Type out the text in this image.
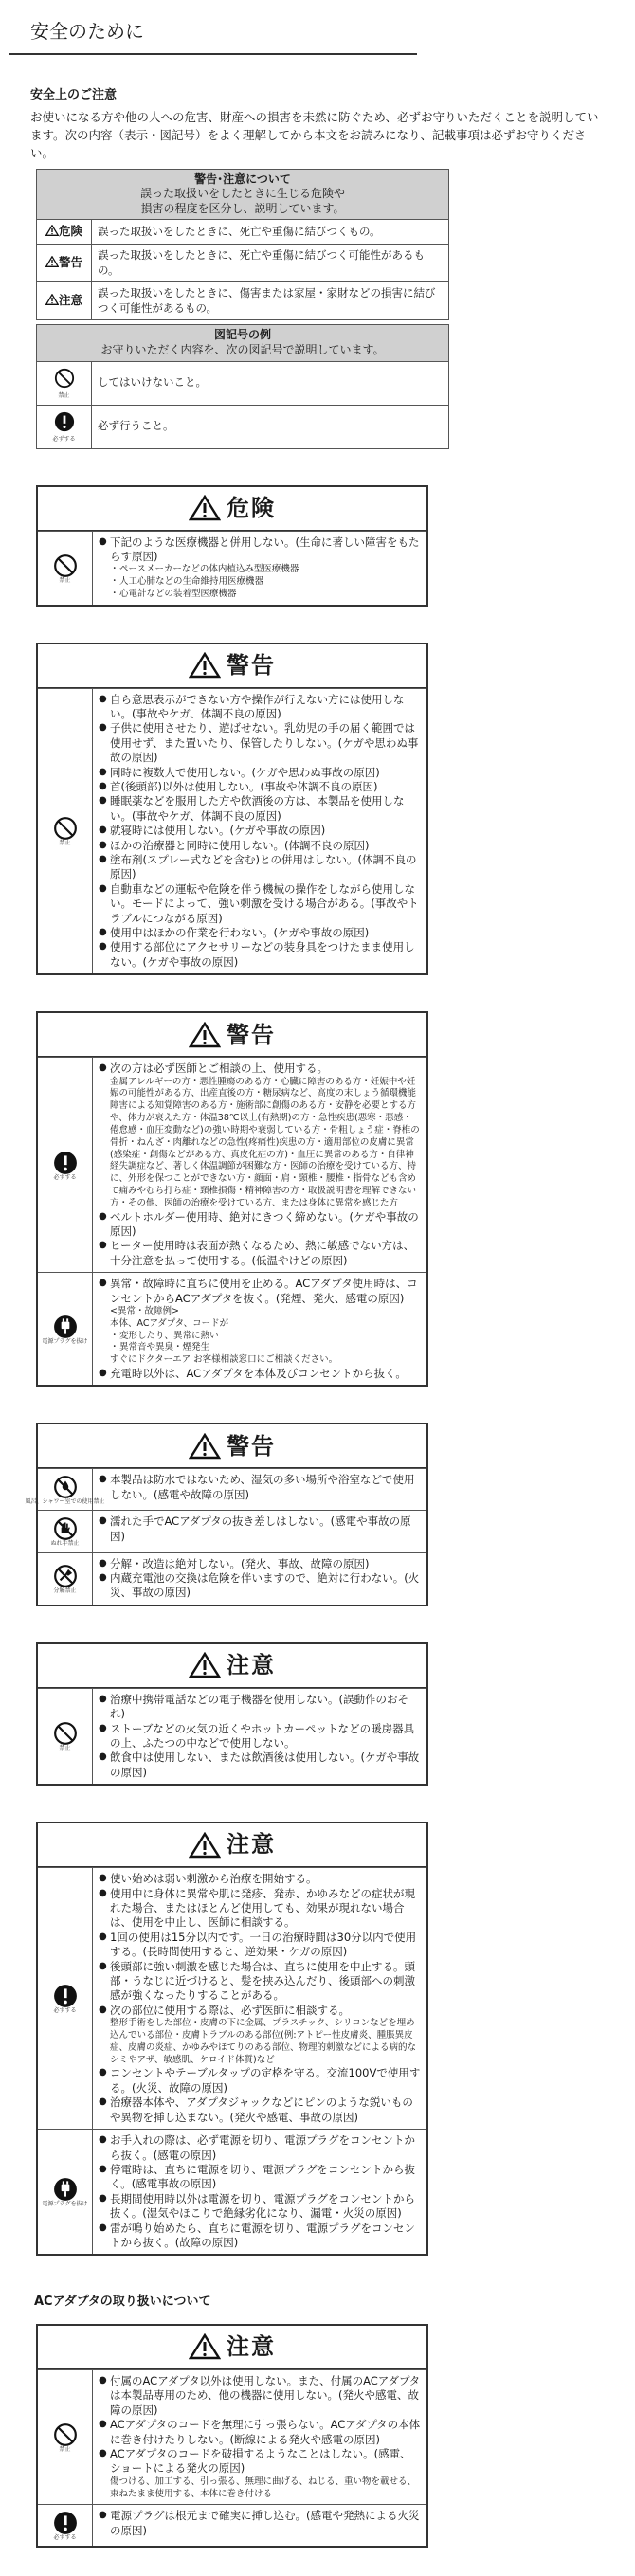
安全のために
安全上のご注意

お使いになる方や他の人への危害、財産への損害を未然に防ぐため、必ずお守りいただくことを説明しています。次の内容（表示・図記号）をよく理解してから本文をお読みになり、記載事項は必ずお守りください。

警告･注意について
誤った取扱いをしたときに生じる危険や
損害の程度を区分し、説明しています。	

危険	誤った取扱いをしたときに、死亡や重傷に結びつくもの。
警告	誤った取扱いをしたときに、死亡や重傷に結びつく可能性があるもの。
注意	誤った取扱いをしたときに、傷害または家屋・家財などの損害に結びつく可能性があるもの。
図記号の例
お守りいただく内容を、次の図記号で説明しています。	

禁止	してはいけないこと。

必ずする	必ず行うこと。
危険
禁止
● 下記のような医療機器と併用しない。(生命に著しい障害をもたらす原因)
・ ペースメーカーなどの体内植込み型医療機器
・ 人工心肺などの生命維持用医療機器
・ 心電計などの装着型医療機器
警告
禁止
● 自ら意思表示ができない方や操作が行えない方には使用しない。(事故やケガ、体調不良の原因)
● 子供に使用させたり、遊ばせない。乳幼児の手の届く範囲では使用せず、また置いたり、保管したりしない。(ケガや思わぬ事故の原因)
● 同時に複数人で使用しない。(ケガや思わぬ事故の原因)
● 首(後頭部)以外は使用しない。(事故や体調不良の原因)
● 睡眠薬などを服用した方や飲酒後の方は、本製品を使用しない。(事故やケガ、体調不良の原因)
● 就寝時には使用しない。(ケガや事故の原因)
● ほかの治療器と同時に使用しない。(体調不良の原因)
● 塗布剤(スプレー式などを含む)との併用はしない。(体調不良の原因)
● 自動車などの運転や危険を伴う機械の操作をしながら使用しない。モードによって、強い刺激を受ける場合がある。(事故やトラブルにつながる原因)
● 使用中はほかの作業を行わない。(ケガや事故の原因)
● 使用する部位にアクセサリーなどの装身具をつけたまま使用しない。(ケガや事故の原因)
警告
必ずする
● 次の方は必ず医師とご相談の上、使用する。
金属アレルギーの方・悪性腫瘍のある方・心臓に障害のある方・妊娠中や妊娠の可能性がある方、出産直後の方・糖尿病など、高度の末しょう循環機能障害による知覚障害のある方・施術部に創傷のある方・安静を必要とする方や、体力が衰えた方・体温38℃以上(有熱期)の方・急性疾患(悪寒・悪感・倦怠感・血圧変動など)の強い時期や衰弱している方・骨粗しょう症・脊椎の骨折・ねんざ・肉離れなどの急性(疼痛性)疾患の方・適用部位の皮膚に異常(感染症・創傷などがある方、真皮化症の方)・血圧に異常のある方・自律神経失調症など、著しく体温調節が困難な方・医師の治療を受けている方、特に、外形を保つことができない方・顔面・肩・頸椎・腰椎・指骨なども含めて痛みやむち打ち症・頸椎損傷・精神障害の方・取扱説明書を理解できない方・その他、医師の治療を受けている方、または身体に異常を感じた方
● ベルトホルダー使用時、絶対にきつく締めない。(ケガや事故の原因)
● ヒーター使用時は表面が熱くなるため、熱に敏感でない方は、十分注意を払って使用する。(低温やけどの原因)
電源プラグを抜け
● 異常・故障時に直ちに使用を止める。ACアダプタ使用時は、コンセントからACアダプタを抜く。(発煙、発火、感電の原因)
<異常・故障例>
本体、ACアダプタ、コードが
・ 変形したり、異常に熱い
・ 異常音や異臭・煙発生
すぐにドクターエア お客様相談窓口にご相談ください。
● 充電時以外は、ACアダプタを本体及びコンセントから抜く。
警告
風呂、シャワー室での使用禁止
● 本製品は防水ではないため、湿気の多い場所や浴室などで使用しない。(感電や故障の原因)
ぬれ手禁止
● 濡れた手でACアダプタの抜き差しはしない。(感電や事故の原因)
分解禁止
● 分解・改造は絶対しない。(発火、事故、故障の原因)
● 内蔵充電池の交換は危険を伴いますので、絶対に行わない。(火災、事故の原因)
注意
禁止
● 治療中携帯電話などの電子機器を使用しない。(誤動作のおそれ)
● ストーブなどの火気の近くやホットカーペットなどの暖房器具の上、ふたつの中などで使用しない。
● 飲食中は使用しない、または飲酒後は使用しない。(ケガや事故の原因)
注意
必ずする
● 使い始めは弱い刺激から治療を開始する。
● 使用中に身体に異常や肌に発疹、発赤、かゆみなどの症状が現れた場合、またはほとんど使用しても、効果が現れない場合は、使用を中止し、医師に相談する。
● 1回の使用は15分以内です。一日の治療時間は30分以内で使用する。(長時間使用すると、逆効果・ケガの原因)
● 後頭部に強い刺激を感じた場合は、直ちに使用を中止する。頭部・うなじに近づけると、髪を挟み込んだり、後頭部への刺激感が強くなったりすることがある。
● 次の部位に使用する際は、必ず医師に相談する。
整形手術をした部位・皮膚の下に金属、プラスチック、シリコンなどを埋め込んでいる部位・皮膚トラブルのある部位(例:アトピー性皮膚炎、腫脹異皮症、皮膚の炎症、かゆみやほてりのある部位、物理的刺激などによる病的なシミやアザ、敏感肌、ケロイド体質)など
● コンセントやテーブルタップの定格を守る。交流100Vで使用する。(火災、故障の原因)
● 治療器本体や、アダプタジャックなどにピンのような鋭いものや異物を挿し込まない。(発火や感電、事故の原因)
電源プラグを抜け
● お手入れの際は、必ず電源を切り、電源プラグをコンセントから抜く。(感電の原因)
● 停電時は、直ちに電源を切り、電源プラグをコンセントから抜く。(感電事故の原因)
● 長期間使用時以外は電源を切り、電源プラグをコンセントから抜く。(湿気やほこりで絶縁劣化になり、漏電・火災の原因)
● 雷が鳴り始めたら、直ちに電源を切り、電源プラグをコンセントから抜く。(故障の原因)
ACアダプタの取り扱いについて
注意
禁止
● 付属のACアダプタ以外は使用しない。また、付属のACアダプタは本製品専用のため、他の機器に使用しない。(発火や感電、故障の原因)
● ACアダプタのコードを無理に引っ張らない。ACアダプタの本体に巻き付けたりしない。(断線による発火や感電の原因)
● ACアダプタのコードを破損するようなことはしない。(感電、ショートによる発火の原因)
傷つける、加工する、引っ張る、無理に曲げる、ねじる、重い物を載せる、束ねたまま使用する、本体に巻き付ける
必ずする
● 電源プラグは根元まで確実に挿し込む。(感電や発熱による火災の原因)
